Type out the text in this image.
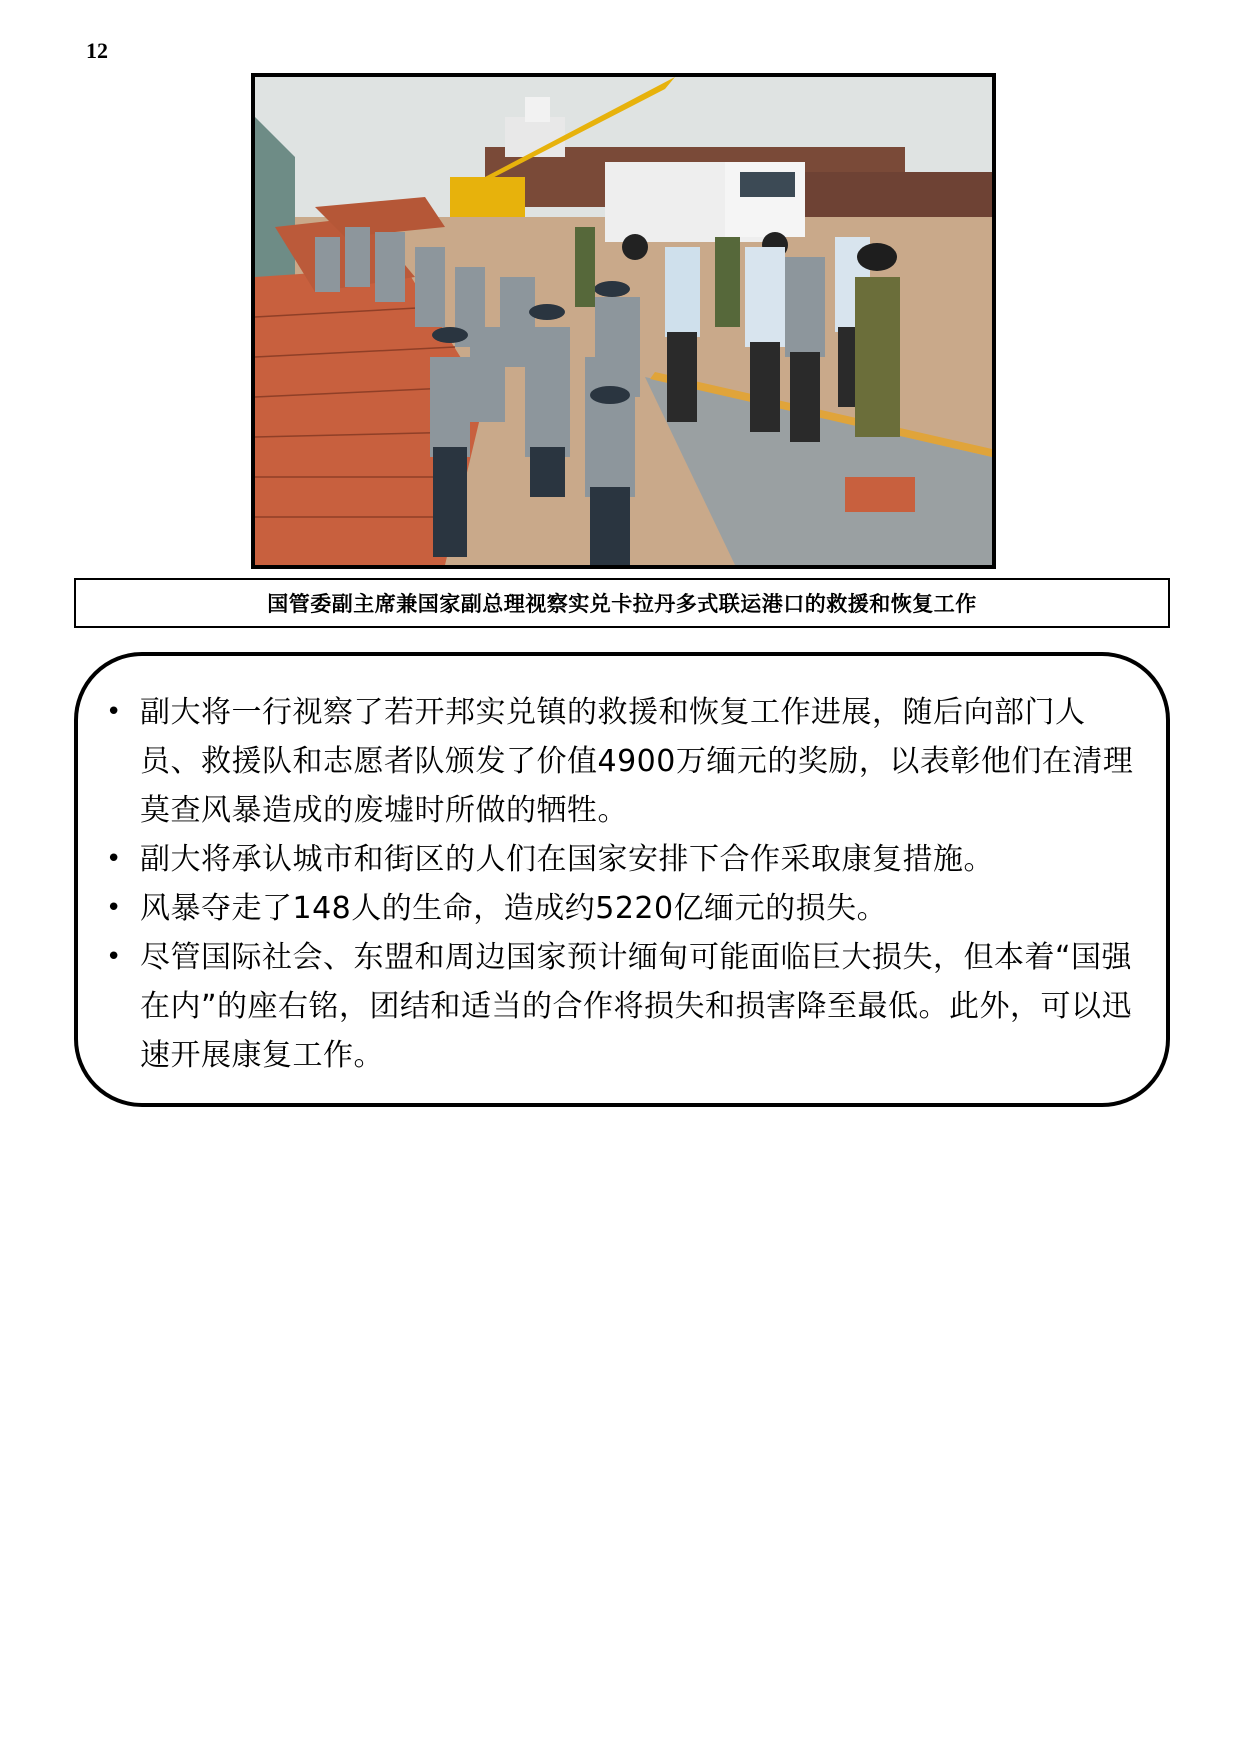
12
国管委副主席兼国家副总理视察实兑卡拉丹多式联运港口的救援和恢复工作
• 副大将一行视察了若开邦实兑镇的救援和恢复工作进展，随后向部门人员、救援队和志愿者队颁发了价值4900万缅元的奖励，以表彰他们在清理莫查风暴造成的废墟时所做的牺牲。
• 副大将承认城市和街区的人们在国家安排下合作采取康复措施。
• 风暴夺走了148人的生命，造成约5220亿缅元的损失。
• 尽管国际社会、东盟和周边国家预计缅甸可能面临巨大损失，但本着“国强在内”的座右铭，团结和适当的合作将损失和损害降至最低。此外，可以迅速开展康复工作。
